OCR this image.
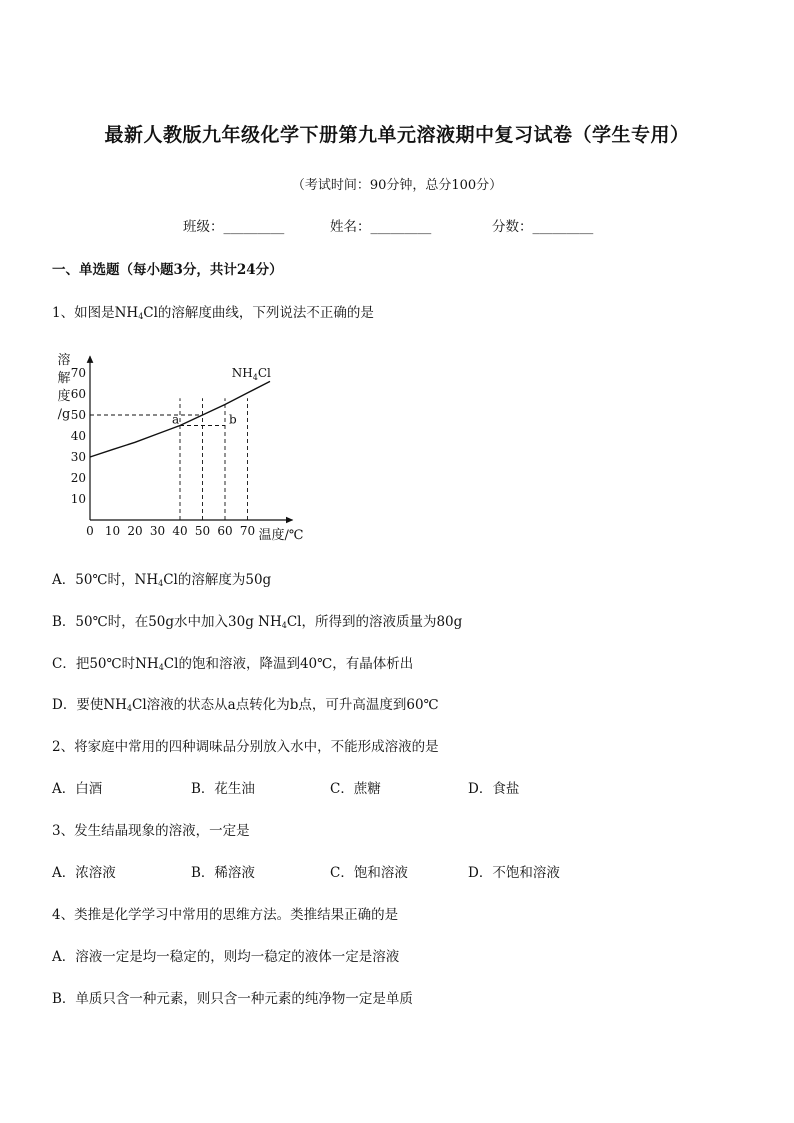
最新人教版九年级化学下册第九单元溶液期中复习试卷（学生专用）
（考试时间：90分钟，总分100分）
班级：_________	姓名：_________	分数：_________
一、单选题（每小题3分，共计24分）
1、如图是$NH_4Cl$的溶解度曲线，下列说法不正确的是
溶
解
度
/g
10
20
30
40
50
60
70
0 10 20 30 40 50 60 70
$NH_4Cl$
a	b
温度/℃
A．50℃时，$NH_4Cl$的溶解度为50g
B．50℃时，在50g水中加入30g $NH_4Cl$，所得到的溶液质量为80g
C．把50℃时$NH_4Cl$的饱和溶液，降温到40℃，有晶体析出
D．要使$NH_4Cl$溶液的状态从a点转化为b点，可升高温度到60℃
2、将家庭中常用的四种调味品分别放入水中，不能形成溶液的是
A．白酒	B．花生油	C．蔗糖	D．食盐
3、发生结晶现象的溶液，一定是
A．浓溶液	B．稀溶液	C．饱和溶液	D．不饱和溶液
4、类推是化学学习中常用的思维方法。类推结果正确的是
A．溶液一定是均一稳定的，则均一稳定的液体一定是溶液
B．单质只含一种元素，则只含一种元素的纯净物一定是单质
